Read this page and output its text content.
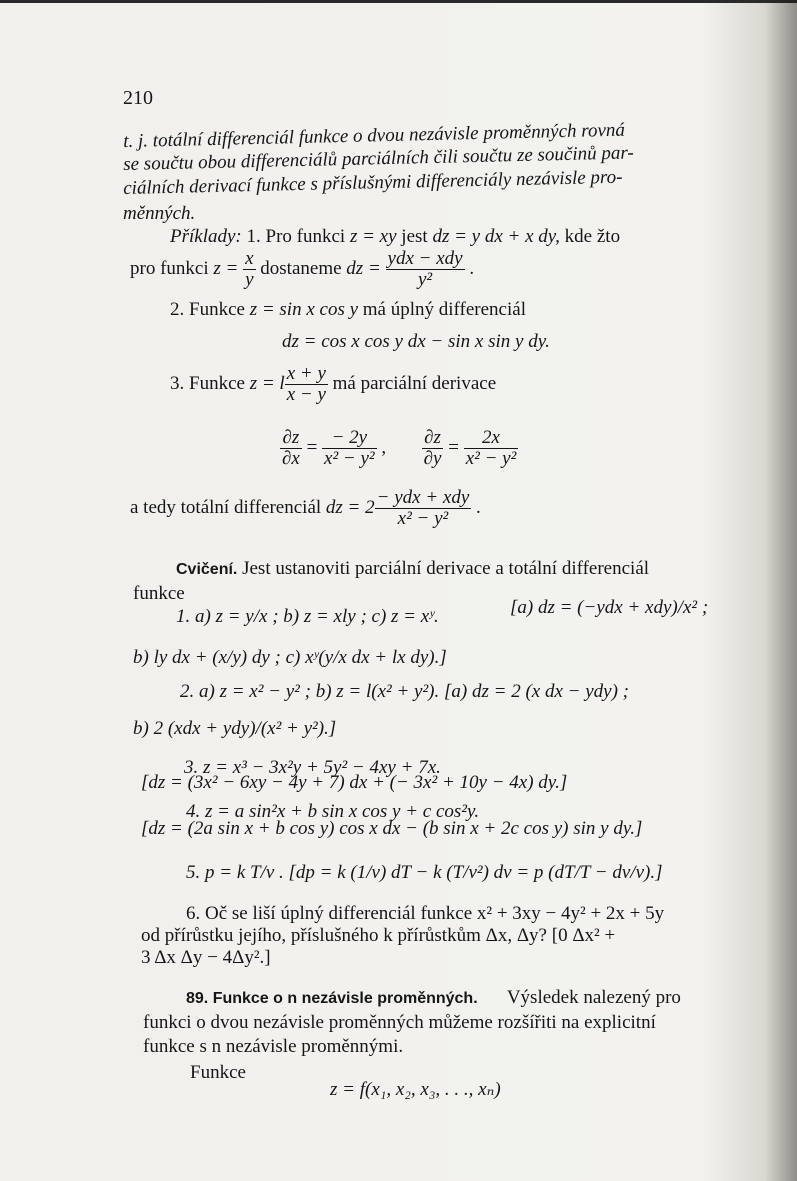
210
t. j. totální differenciál funkce o dvou nezávisle proměnných rovná
se součtu obou differenciálů parciálních čili součtu ze součinů par-
ciálních derivací funkce s příslušnými differenciály nezávisle pro-
měnných.
Příklady: 1. Pro funkci z = xy jest dz = y dx + x dy, kde žto
pro funkci $z = \frac{x}{y}$ dostaneme dz = $\frac{\text{ydx − xdy}}{\text{y²}}$ .
2. Funkce z = sin x cos y má úplný differenciál
dz = cos x cos y dx − sin x sin y dy.
3. Funkce z = l $\frac{x + y}{x - y}$ má parciální derivace
$\frac{\partial z}{\partial x} = \frac{- 2y}{\text{x² − y²}}$ , $\frac{\partial z}{\partial y} = \frac{2x}{\text{x² − y²}}$
a tedy totální differenciál dz = $2 \frac{\text{− ydx + xdy}}{\text{x² − y²}}$ .
Cvičení. Jest ustanoviti parciální derivace a totální differenciál
funkce
1. a) z = y/x ; b) z = xly ; c) z = xʸ.	[a) dz = (−ydx + xdy)/x² ;
b) ly dx + (x/y) dy ; c) xʸ(y/x dx + lx dy).]
2. a) z = x² − y² ; b) z = l(x² + y²). [a) dz = 2 (x dx − ydy) ;
b) 2 (xdx + ydy)/(x² + y²).]
3. z = x³ − 3x²y + 5y² − 4xy + 7x.
[dz = (3x² − 6xy − 4y + 7) dx + (− 3x² + 10y − 4x) dy.]
4. z = a sin²x + b sin x cos y + c cos²y.
[dz = (2a sin x + b cos y) cos x dx − (b sin x + 2c cos y) sin y dy.]
5. p = k T/v . [dp = k (1/v) dT − k (T/v²) dv = p (dT/T − dv/v).]
6. Oč se liší úplný differenciál funkce x² + 3xy − 4y² + 2x + 5y
od přírůstku jejího, příslušného k přírůstkům Δx, Δy? [0 Δx² +
3 Δx Δy − 4Δy².]
89. Funkce o n nezávisle proměnných. Výsledek nalezený pro
funkci o dvou nezávisle proměnných můžeme rozšířiti na explicitní
funkce s n nezávisle proměnnými.
Funkce
z = f(x₁, x₂, x₃, . . ., xₙ)
